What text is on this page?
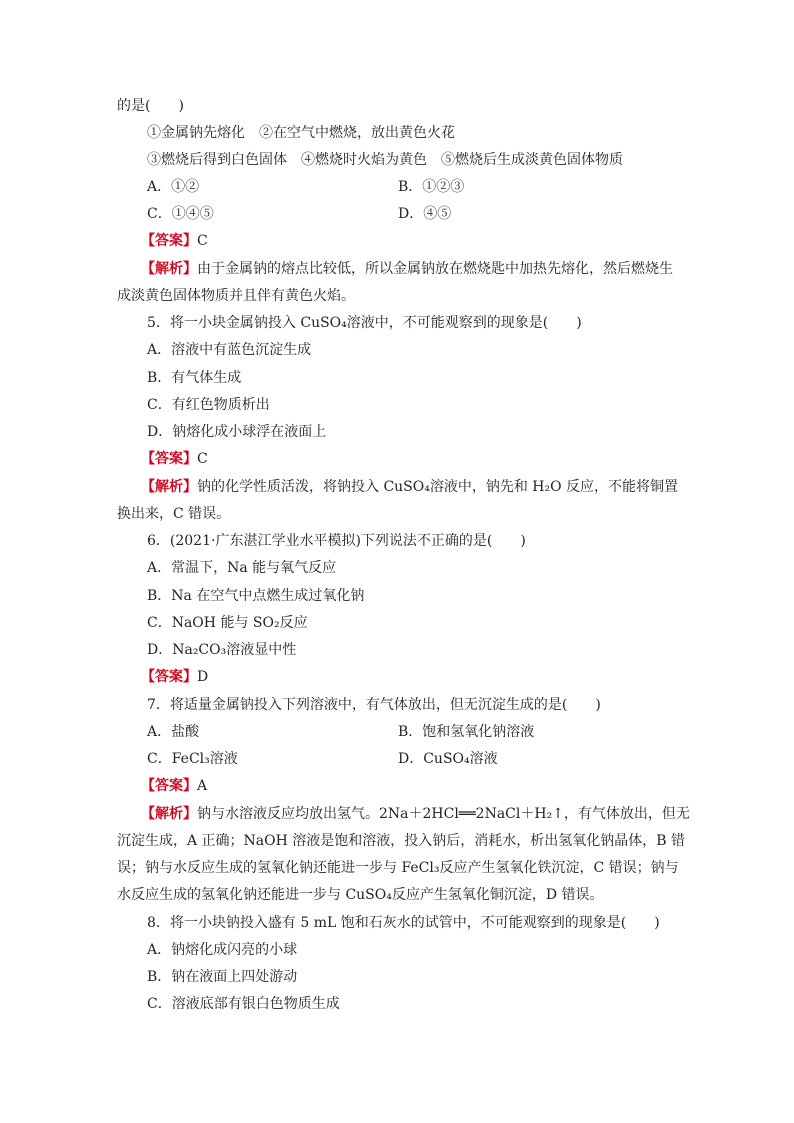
的是(　　)
①金属钠先熔化　②在空气中燃烧，放出黄色火花
③燃烧后得到白色固体　④燃烧时火焰为黄色　⑤燃烧后生成淡黄色固体物质
A．①②	B．①②③
C．①④⑤	D．④⑤
【答案】C
【解析】由于金属钠的熔点比较低，所以金属钠放在燃烧匙中加热先熔化，然后燃烧生
成淡黄色固体物质并且伴有黄色火焰。
5．将一小块金属钠投入 CuSO₄溶液中，不可能观察到的现象是(　　)
A．溶液中有蓝色沉淀生成
B．有气体生成
C．有红色物质析出
D．钠熔化成小球浮在液面上
【答案】C
【解析】钠的化学性质活泼，将钠投入 CuSO₄溶液中，钠先和 H₂O 反应，不能将铜置
换出来，C 错误。
6．(2021·广东湛江学业水平模拟)下列说法不正确的是(　　)
A．常温下，Na 能与氧气反应
B．Na 在空气中点燃生成过氧化钠
C．NaOH 能与 SO₂反应
D．Na₂CO₃溶液显中性
【答案】D
7．将适量金属钠投入下列溶液中，有气体放出，但无沉淀生成的是(　　)
A．盐酸	B．饱和氢氧化钠溶液
C．FeCl₃溶液	D．CuSO₄溶液
【答案】A
【解析】钠与水溶液反应均放出氢气。2Na＋2HCl══2NaCl＋H₂↑，有气体放出，但无
沉淀生成，A 正确；NaOH 溶液是饱和溶液，投入钠后，消耗水，析出氢氧化钠晶体，B 错
误；钠与水反应生成的氢氧化钠还能进一步与 FeCl₃反应产生氢氧化铁沉淀，C 错误；钠与
水反应生成的氢氧化钠还能进一步与 CuSO₄反应产生氢氧化铜沉淀，D 错误。
8．将一小块钠投入盛有 5 mL 饱和石灰水的试管中，不可能观察到的现象是(　　)
A．钠熔化成闪亮的小球
B．钠在液面上四处游动
C．溶液底部有银白色物质生成
